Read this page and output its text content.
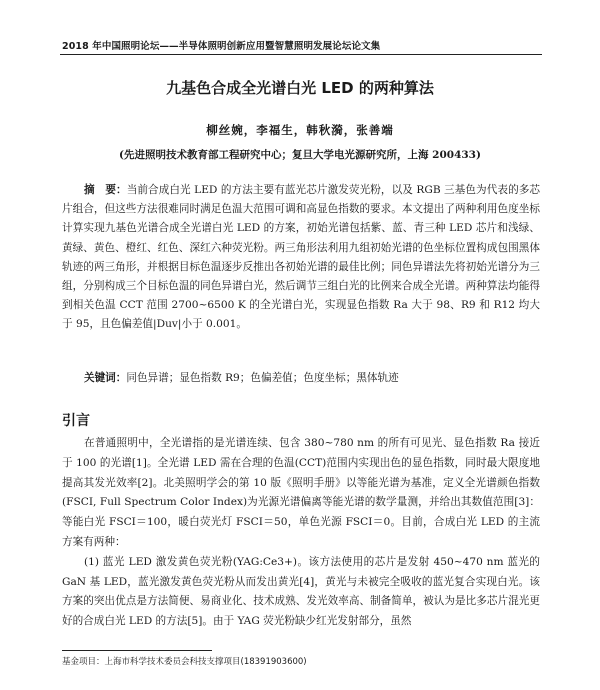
2018 年中国照明论坛——半导体照明创新应用暨智慧照明发展论坛论文集
九基色合成全光谱白光 LED 的两种算法
柳丝婉，李福生，韩秋漪，张善端
(先进照明技术教育部工程研究中心；复旦大学电光源研究所，上海 200433)
摘　要：当前合成白光 LED 的方法主要有蓝光芯片激发荧光粉，以及 RGB 三基色为代表的多芯片组合，但这些方法很难同时满足色温大范围可调和高显色指数的要求。本文提出了两种利用色度坐标计算实现九基色光谱合成全光谱白光 LED 的方案，初始光谱包括紫、蓝、青三种 LED 芯片和浅绿、黄绿、黄色、橙红、红色、深红六种荧光粉。两三角形法利用九组初始光谱的色坐标位置构成包围黑体轨迹的两三角形，并根据目标色温逐步反推出各初始光谱的最佳比例；同色异谱法先将初始光谱分为三组，分别构成三个目标色温的同色异谱白光，然后调节三组白光的比例来合成全光谱。两种算法均能得到相关色温 CCT 范围 2700~6500 K 的全光谱白光，实现显色指数 Ra 大于 98、R9 和 R12 均大于 95，且色偏差值|Duv|小于 0.001。
关键词：同色异谱；显色指数 R9；色偏差值；色度坐标；黑体轨迹
引言

在普通照明中，全光谱指的是光谱连续、包含 380~780 nm 的所有可见光、显色指数 Ra 接近于 100 的光谱[1]。全光谱 LED 需在合理的色温(CCT)范围内实现出色的显色指数，同时最大限度地提高其发光效率[2]。北美照明学会的第 10 版《照明手册》以等能光谱为基准，定义全光谱颜色指数(FSCI, Full Spectrum Color Index)为光源光谱偏离等能光谱的数学量测，并给出其数值范围[3]：等能白光 FSCI＝100，暖白荧光灯 FSCI＝50，单色光源 FSCI＝0。目前，合成白光 LED 的主流方案有两种：

(1) 蓝光 LED 激发黄色荧光粉(YAG:Ce3+)。该方法使用的芯片是发射 450~470 nm 蓝光的 GaN 基 LED，蓝光激发黄色荧光粉从而发出黄光[4]，黄光与未被完全吸收的蓝光复合实现白光。该方案的突出优点是方法简便、易商业化、技术成熟、发光效率高、制备简单，被认为是比多芯片混光更好的合成白光 LED 的方法[5]。由于 YAG 荧光粉缺少红光发射部分，虽然

基金项目：上海市科学技术委员会科技支撑项目(18391903600)
